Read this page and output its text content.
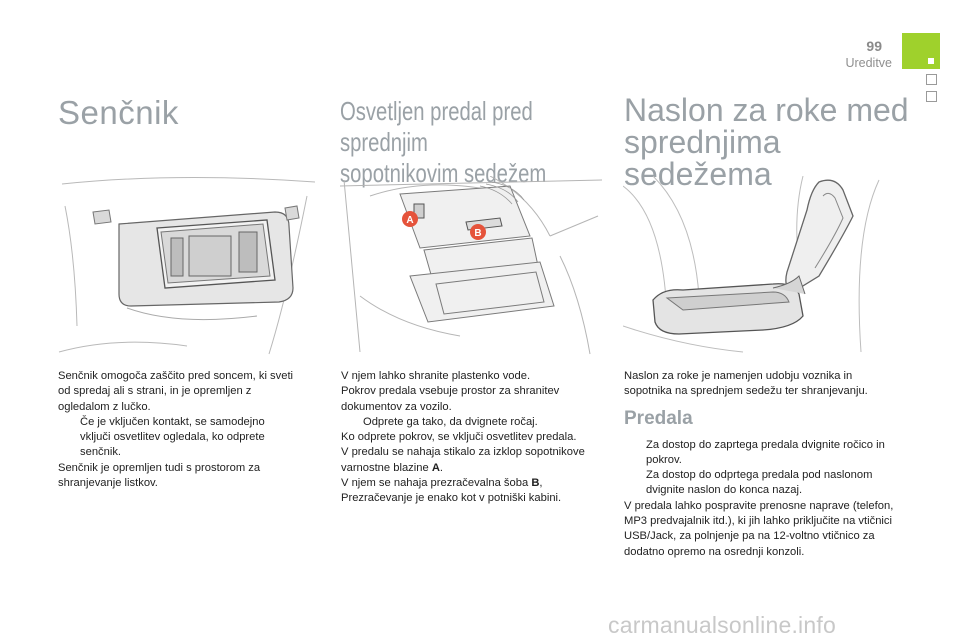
99
Ureditve
Senčnik	Osvetljen predal pred sprednjim
sopotnikovim sedežem
Naslon za roke med
sprednjima sedežema
A
B

Senčnik omogoča zaščito pred soncem, ki sveti od spredaj ali s strani, in je opremljen z ogledalom z lučko.

Če je vključen kontakt, se samodejno vključi osvetlitev ogledala, ko odprete senčnik.

Senčnik je opremljen tudi s prostorom za shranjevanje listkov.

V njem lahko shranite plastenko vode.

Pokrov predala vsebuje prostor za shranitev dokumentov za vozilo.

Odprete ga tako, da dvignete ročaj.

Ko odprete pokrov, se vključi osvetlitev predala.

V predalu se nahaja stikalo za izklop sopotnikove varnostne blazine A.

V njem se nahaja prezračevalna šoba B,

Prezračevanje je enako kot v potniški kabini.

Naslon za roke je namenjen udobju voznika in sopotnika na sprednjem sedežu ter shranjevanju.

Predala

Za dostop do zaprtega predala dvignite ročico in pokrov.

Za dostop do odprtega predala pod naslonom dvignite naslon do konca nazaj.

V predala lahko pospravite prenosne naprave (telefon, MP3 predvajalnik itd.), ki jih lahko priključite na vtičnici USB/Jack, za polnjenje pa na 12-voltno vtičnico za dodatno opremo na osrednji konzoli.

carmanualsonline.info
